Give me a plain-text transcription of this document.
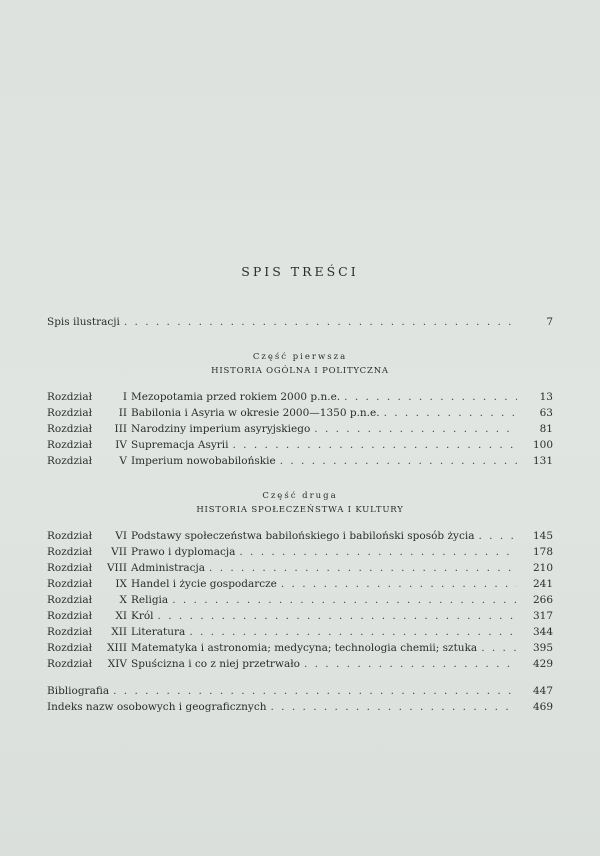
SPIS TREŚCI
Spis ilustracji . . .	7
Część pierwsza
HISTORIA OGÓLNA I POLITYCZNA
Rozdział	I Mezopotamia przed rokiem 2000 p.n.e. . . .	13
Rozdział	II Babilonia i Asyria w okresie 2000—1350 p.n.e. . . .	63
Rozdział	III Narodziny imperium asyryjskiego . . .	81
Rozdział	IV Supremacja Asyrii . . .	100
Rozdział	V Imperium nowobabilońskie . . .	131
Część druga
HISTORIA SPOŁECZEŃSTWA I KULTURY
Rozdział	VI Podstawy społeczeństwa babilońskiego i babiloński sposób życia . . .	145
Rozdział	VII Prawo i dyplomacja . . .	178
Rozdział	VIII Administracja . . .	210
Rozdział	IX Handel i życie gospodarcze . . .	241
Rozdział	X Religia . . .	266
Rozdział	XI Król . . .	317
Rozdział	XII Literatura . . .	344
Rozdział	XIII Matematyka i astronomia; medycyna; technologia chemii; sztuka . . .	395
Rozdział	XIV Spuścizna i co z niej przetrwało . . .	429
Bibliografia . . .	447
Indeks nazw osobowych i geograficznych . . .	469
